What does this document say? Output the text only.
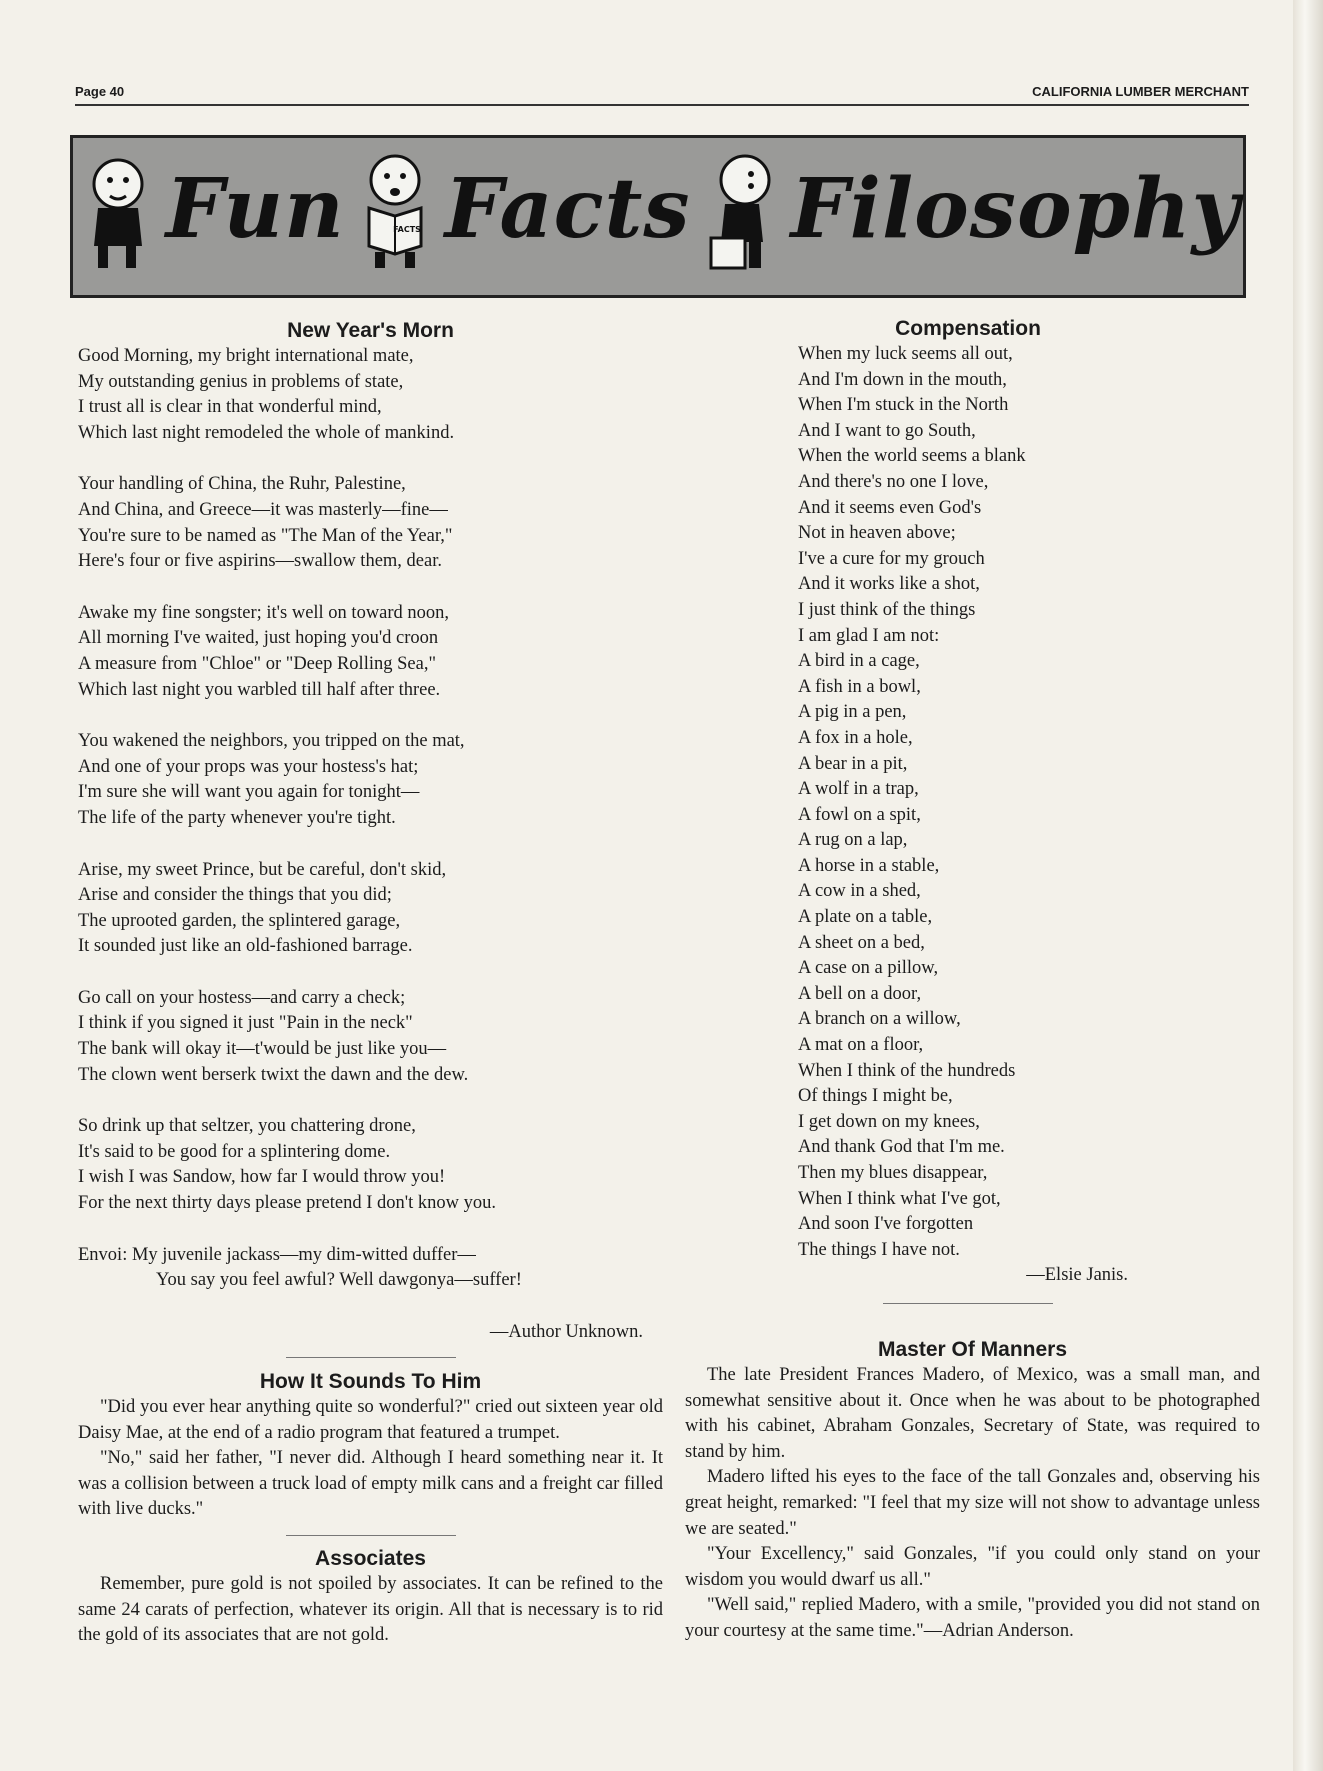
Page 40	CALIFORNIA LUMBER MERCHANT
Fun	FACTS Facts Filosophy
New Year's Morn
Good Morning, my bright international mate,
My outstanding genius in problems of state,
I trust all is clear in that wonderful mind,
Which last night remodeled the whole of mankind.
Your handling of China, the Ruhr, Palestine,
And China, and Greece—it was masterly—fine—
You're sure to be named as "The Man of the Year,"
Here's four or five aspirins—swallow them, dear.
Awake my fine songster; it's well on toward noon,
All morning I've waited, just hoping you'd croon
A measure from "Chloe" or "Deep Rolling Sea,"
Which last night you warbled till half after three.
You wakened the neighbors, you tripped on the mat,
And one of your props was your hostess's hat;
I'm sure she will want you again for tonight—
The life of the party whenever you're tight.
Arise, my sweet Prince, but be careful, don't skid,
Arise and consider the things that you did;
The uprooted garden, the splintered garage,
It sounded just like an old-fashioned barrage.
Go call on your hostess—and carry a check;
I think if you signed it just "Pain in the neck"
The bank will okay it—t'would be just like you—
The clown went berserk twixt the dawn and the dew.
So drink up that seltzer, you chattering drone,
It's said to be good for a splintering dome.
I wish I was Sandow, how far I would throw you!
For the next thirty days please pretend I don't know you.
Envoi: My juvenile jackass—my dim-witted duffer—
You say you feel awful? Well dawgonya—suffer!
—Author Unknown.
Compensation
When my luck seems all out,
And I'm down in the mouth,
When I'm stuck in the North
And I want to go South,
When the world seems a blank
And there's no one I love,
And it seems even God's
Not in heaven above;
I've a cure for my grouch
And it works like a shot,
I just think of the things
I am glad I am not:
A bird in a cage,
A fish in a bowl,
A pig in a pen,
A fox in a hole,
A bear in a pit,
A wolf in a trap,
A fowl on a spit,
A rug on a lap,
A horse in a stable,
A cow in a shed,
A plate on a table,
A sheet on a bed,
A case on a pillow,
A bell on a door,
A branch on a willow,
A mat on a floor,
When I think of the hundreds
Of things I might be,
I get down on my knees,
And thank God that I'm me.
Then my blues disappear,
When I think what I've got,
And soon I've forgotten
The things I have not.
—Elsie Janis.
How It Sounds To Him

"Did you ever hear anything quite so wonderful?" cried out sixteen year old Daisy Mae, at the end of a radio program that featured a trumpet.

"No," said her father, "I never did. Although I heard something near it. It was a collision between a truck load of empty milk cans and a freight car filled with live ducks."

Associates

Remember, pure gold is not spoiled by associates. It can be refined to the same 24 carats of perfection, whatever its origin. All that is necessary is to rid the gold of its associates that are not gold.

Master Of Manners

The late President Frances Madero, of Mexico, was a small man, and somewhat sensitive about it. Once when he was about to be photographed with his cabinet, Abraham Gonzales, Secretary of State, was required to stand by him.

Madero lifted his eyes to the face of the tall Gonzales and, observing his great height, remarked: "I feel that my size will not show to advantage unless we are seated."

"Your Excellency," said Gonzales, "if you could only stand on your wisdom you would dwarf us all."

"Well said," replied Madero, with a smile, "provided you did not stand on your courtesy at the same time."—Adrian Anderson.
